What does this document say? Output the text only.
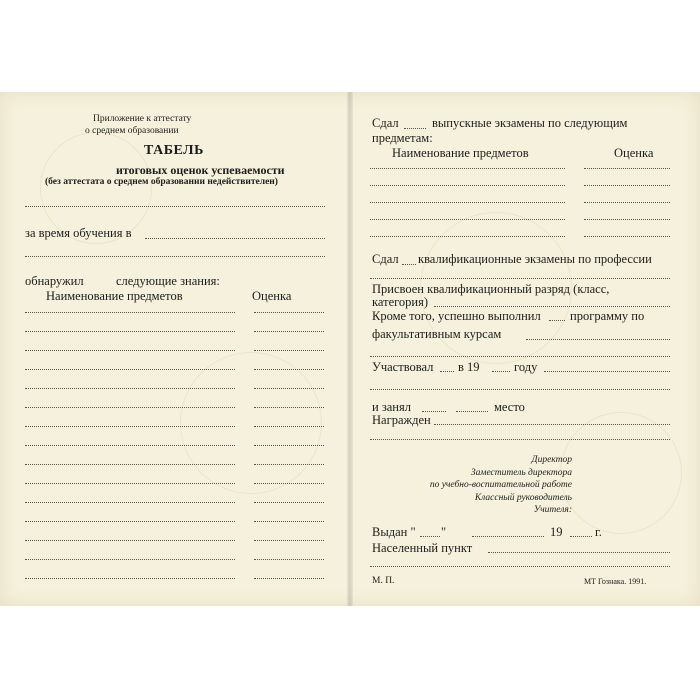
Приложение к аттестату
о среднем образовании
ТАБЕЛЬ
итоговых оценок успеваемости
(без аттестата о среднем образовании недействителен)
за время обучения в
обнаружил	следующие знания:
Наименование предметов	Оценка
Сдал	выпускные экзамены по следующим
предметам:
Наименование предметов	Оценка
Сдал квалификационные экзамены по профессии
Присвоен квалификационный разряд (класс,
категория)
Кроме того, успешно выполнил программу по
факультативным курсам
Участвовал в 19	году
и занял	место
Награжден
Директор
Заместитель директора
по учебно-воспитательной работе
Классный руководитель
Учителя:
Выдан " "	19	г.
Населенный пункт
М. П.	МТ Гознака. 1991.
